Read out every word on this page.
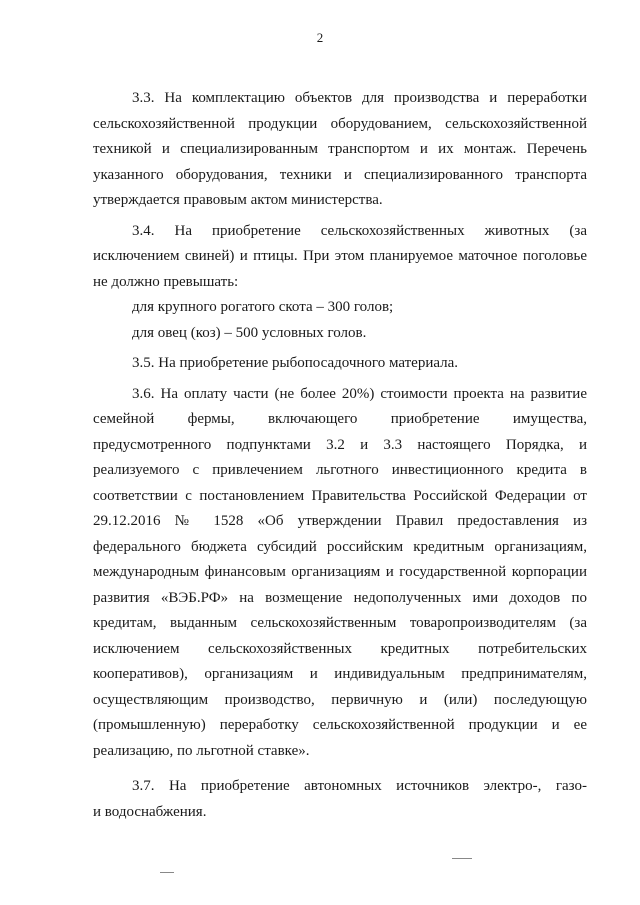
2

3.3. На комплектацию объектов для производства и переработки сельскохозяйственной продукции оборудованием, сельскохозяйственной техникой и специализированным транспортом и их монтаж. Перечень указанного оборудования, техники и специализированного транспорта утверждается правовым актом министерства.

3.4. На приобретение сельскохозяйственных животных (за исключением свиней) и птицы. При этом планируемое маточное поголовье не должно превышать:

для крупного рогатого скота – 300 голов;

для овец (коз) – 500 условных голов.

3.5. На приобретение рыбопосадочного материала.

3.6. На оплату части (не более 20%) стоимости проекта на развитие семейной фермы, включающего приобретение имущества, предусмотренного подпунктами 3.2 и 3.3 настоящего Порядка, и реализуемого с привлечением льготного инвестиционного кредита в соответствии с постановлением Правительства Российской Федерации от 29.12.2016 № 1528 «Об утверждении Правил предоставления из федерального бюджета субсидий российским кредитным организациям, международным финансовым организациям и государственной корпорации развития «ВЭБ.РФ» на возмещение недополученных ими доходов по кредитам, выданным сельскохозяйственным товаропроизводителям (за исключением сельскохозяйственных кредитных потребительских кооперативов), организациям и индивидуальным предпринимателям, осуществляющим производство, первичную и (или) последующую (промышленную) переработку сельскохозяйственной продукции и ее реализацию, по льготной ставке».

3.7. На приобретение автономных источников электро-, газо-

и водоснабжения.
